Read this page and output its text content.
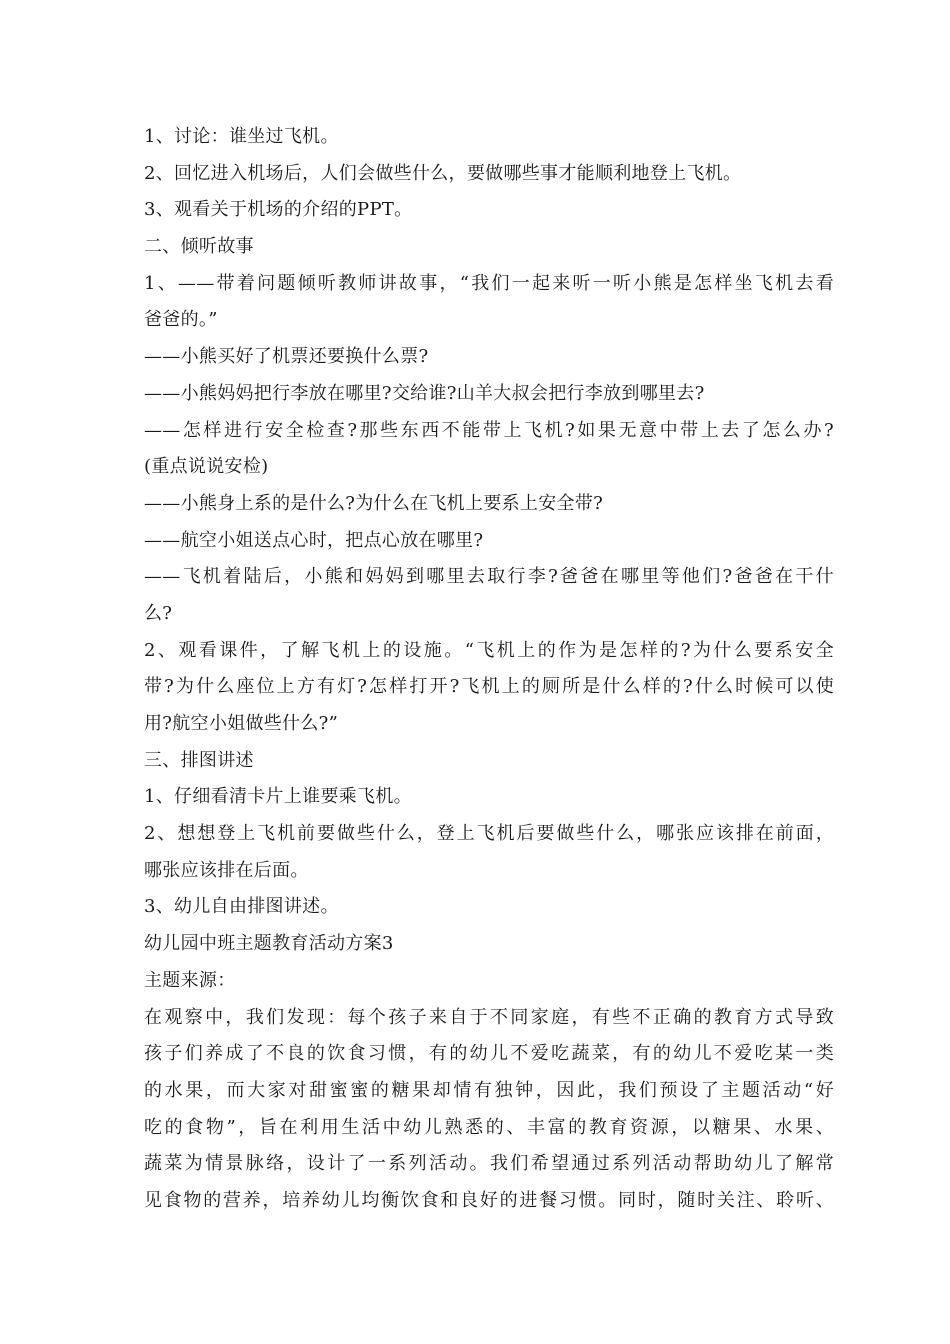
1、讨论：谁坐过飞机。
2、回忆进入机场后，人们会做些什么，要做哪些事才能顺利地登上飞机。
3、观看关于机场的介绍的PPT。
二、倾听故事
1、——带着问题倾听教师讲故事，“我们一起来听一听小熊是怎样坐飞机去看
爸爸的。”
——小熊买好了机票还要换什么票?
——小熊妈妈把行李放在哪里?交给谁?山羊大叔会把行李放到哪里去?
——怎样进行安全检查?那些东西不能带上飞机?如果无意中带上去了怎么办?
(重点说说安检)
——小熊身上系的是什么?为什么在飞机上要系上安全带?
——航空小姐送点心时，把点心放在哪里?
——飞机着陆后，小熊和妈妈到哪里去取行李?爸爸在哪里等他们?爸爸在干什
么?
2、观看课件，了解飞机上的设施。“飞机上的作为是怎样的?为什么要系安全
带?为什么座位上方有灯?怎样打开?飞机上的厕所是什么样的?什么时候可以使
用?航空小姐做些什么?”
三、排图讲述
1、仔细看清卡片上谁要乘飞机。
2、想想登上飞机前要做些什么，登上飞机后要做些什么，哪张应该排在前面，
哪张应该排在后面。
3、幼儿自由排图讲述。
幼儿园中班主题教育活动方案3
主题来源：
在观察中，我们发现：每个孩子来自于不同家庭，有些不正确的教育方式导致
孩子们养成了不良的饮食习惯，有的幼儿不爱吃蔬菜，有的幼儿不爱吃某一类
的水果，而大家对甜蜜蜜的糖果却情有独钟，因此，我们预设了主题活动“好
吃的食物”，旨在利用生活中幼儿熟悉的、丰富的教育资源，以糖果、水果、
蔬菜为情景脉络，设计了一系列活动。我们希望通过系列活动帮助幼儿了解常
见食物的营养，培养幼儿均衡饮食和良好的进餐习惯。同时，随时关注、聆听、
